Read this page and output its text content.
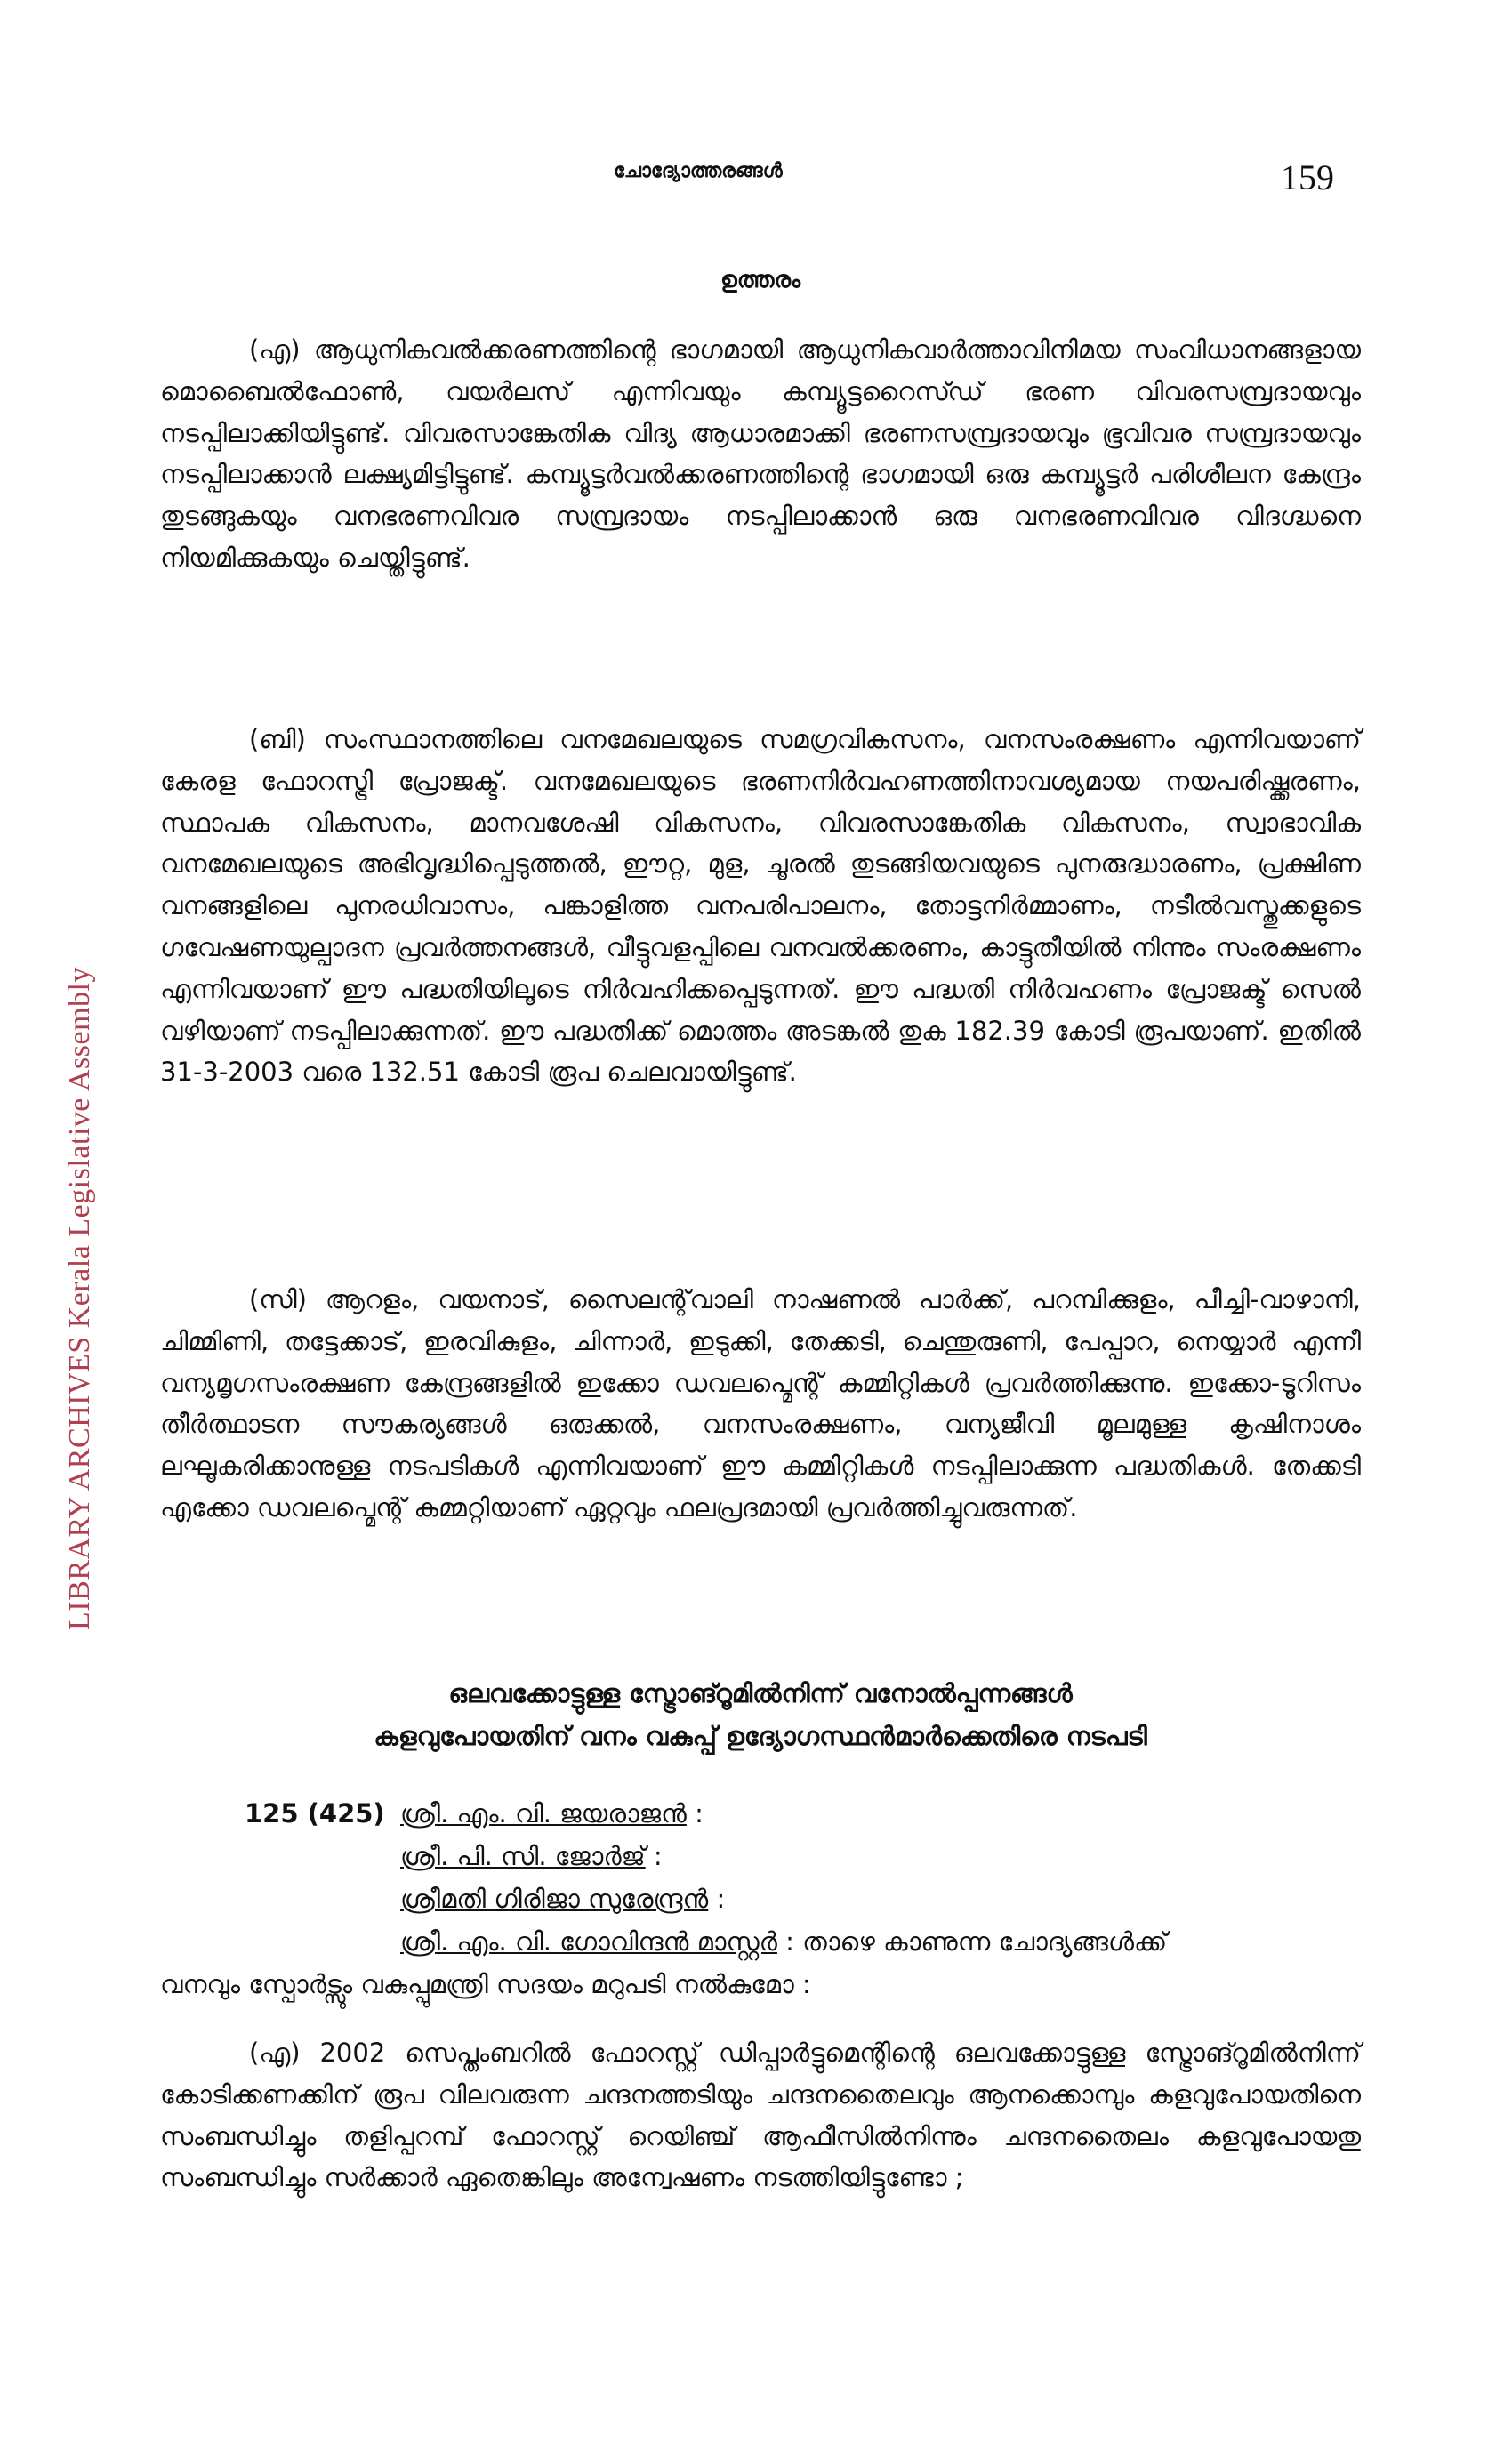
LIBRARY ARCHIVES Kerala Legislative Assembly
ചോദ്യോത്തരങ്ങൾ	159
ഉത്തരം

(എ) ആധുനികവൽക്കരണത്തിന്റെ ഭാഗമായി ആധുനികവാർത്താവിനിമയ സംവിധാനങ്ങളായ മൊബൈൽഫോൺ, വയർലസ് എന്നിവയും കമ്പ്യൂട്ടറൈസ്ഡ് ഭരണ വിവരസമ്പ്രദായവും നടപ്പിലാക്കിയിട്ടുണ്ട്. വിവരസാങ്കേതിക വിദ്യ ആധാരമാക്കി ഭരണസമ്പ്രദായവും ഭൂവിവര സമ്പ്രദായവും നടപ്പിലാക്കാൻ ലക്ഷ്യമിട്ടിട്ടുണ്ട്. കമ്പ്യൂട്ടർവൽക്കരണത്തിന്റെ ഭാഗമായി ഒരു കമ്പ്യൂട്ടർ പരിശീലന കേന്ദ്രം തുടങ്ങുകയും വനഭരണവിവര സമ്പ്രദായം നടപ്പിലാക്കാൻ ഒരു വനഭരണവിവര വിദഗ്ദ്ധനെ നിയമിക്കുകയും ചെയ്തിട്ടുണ്ട്.

(ബി) സംസ്ഥാനത്തിലെ വനമേഖലയുടെ സമഗ്രവികസനം, വനസംരക്ഷണം എന്നിവയാണ് കേരള ഫോറസ്ട്രി പ്രോജക്ട്. വനമേഖലയുടെ ഭരണനിർവഹണത്തിനാവശ്യമായ നയപരിഷ്ക്കരണം, സ്ഥാപക വികസനം, മാനവശേഷി വികസനം, വിവരസാങ്കേതിക വികസനം, സ്വാഭാവിക വനമേഖലയുടെ അഭിവൃദ്ധിപ്പെടുത്തൽ, ഈറ്റ, മുള, ചൂരൽ തുടങ്ങിയവയുടെ പുനരുദ്ധാരണം, പ്രക്ഷിണ വനങ്ങളിലെ പുനരധിവാസം, പങ്കാളിത്ത വനപരിപാലനം, തോട്ടനിർമ്മാണം, നടീൽവസ്തുക്കളുടെ ഗവേഷണയുല്പാദന പ്രവർത്തനങ്ങൾ, വീട്ടുവളപ്പിലെ വനവൽക്കരണം, കാട്ടുതീയിൽ നിന്നും സംരക്ഷണം എന്നിവയാണ് ഈ പദ്ധതിയിലൂടെ നിർവഹിക്കപ്പെടുന്നത്. ഈ പദ്ധതി നിർവഹണം പ്രോജക്ട് സെൽ വഴിയാണ് നടപ്പിലാക്കുന്നത്. ഈ പദ്ധതിക്ക് മൊത്തം അടങ്കൽ തുക 182.39 കോടി രൂപയാണ്. ഇതിൽ 31-3-2003 വരെ 132.51 കോടി രൂപ ചെലവായിട്ടുണ്ട്.

(സി) ആറളം, വയനാട്, സൈലന്റ്‌വാലി നാഷണൽ പാർക്ക്, പറമ്പിക്കുളം, പീച്ചി-വാഴാനി, ചിമ്മിണി, തട്ടേക്കാട്, ഇരവികുളം, ചിന്നാർ, ഇടുക്കി, തേക്കടി, ചെന്തുരുണി, പേപ്പാറ, നെയ്യാർ എന്നീ വന്യമൃഗസംരക്ഷണ കേന്ദ്രങ്ങളിൽ ഇക്കോ ഡവലപ്മെന്റ് കമ്മിറ്റികൾ പ്രവർത്തിക്കുന്നു. ഇക്കോ-ടൂറിസം തീർത്ഥാടന സൗകര്യങ്ങൾ ഒരുക്കൽ, വനസംരക്ഷണം, വന്യജീവി മൂലമുള്ള കൃഷിനാശം ലഘൂകരിക്കാനുള്ള നടപടികൾ എന്നിവയാണ് ഈ കമ്മിറ്റികൾ നടപ്പിലാക്കുന്ന പദ്ധതികൾ. തേക്കടി എക്കോ ഡവലപ്മെന്റ് കമ്മറ്റിയാണ് ഏറ്റവും ഫലപ്രദമായി പ്രവർത്തിച്ചുവരുന്നത്.

ഒലവക്കോട്ടുള്ള സ്ട്രോങ്റൂമിൽനിന്ന് വനോൽപ്പന്നങ്ങൾ
കളവുപോയതിന് വനം വകുപ്പ് ഉദ്യോഗസ്ഥൻമാർക്കെതിരെ നടപടി
125 (425) ശ്രീ. എം. വി. ജയരാജൻ :
ശ്രീ. പി. സി. ജോർജ് :
ശ്രീമതി ഗിരിജാ സുരേന്ദ്രൻ :
ശ്രീ. എം. വി. ഗോവിന്ദൻ മാസ്റ്റർ : താഴെ കാണുന്ന ചോദ്യങ്ങൾക്ക്
വനവും സ്പോർട്സും വകുപ്പുമന്ത്രി സദയം മറുപടി നൽകുമോ :

(എ) 2002 സെപ്തംബറിൽ ഫോറസ്റ്റ് ഡിപ്പാർട്ടുമെന്റിന്റെ ഒലവക്കോട്ടുള്ള സ്ട്രോങ്റൂമിൽനിന്ന് കോടിക്കണക്കിന് രൂപ വിലവരുന്ന ചന്ദനത്തടിയും ചന്ദനതൈലവും ആനക്കൊമ്പും കളവുപോയതിനെ സംബന്ധിച്ചും തളിപ്പറമ്പ് ഫോറസ്റ്റ് റെയിഞ്ച് ആഫീസിൽനിന്നും ചന്ദനതൈലം കളവുപോയതു സംബന്ധിച്ചും സർക്കാർ ഏതെങ്കിലും അന്വേഷണം നടത്തിയിട്ടുണ്ടോ ;
